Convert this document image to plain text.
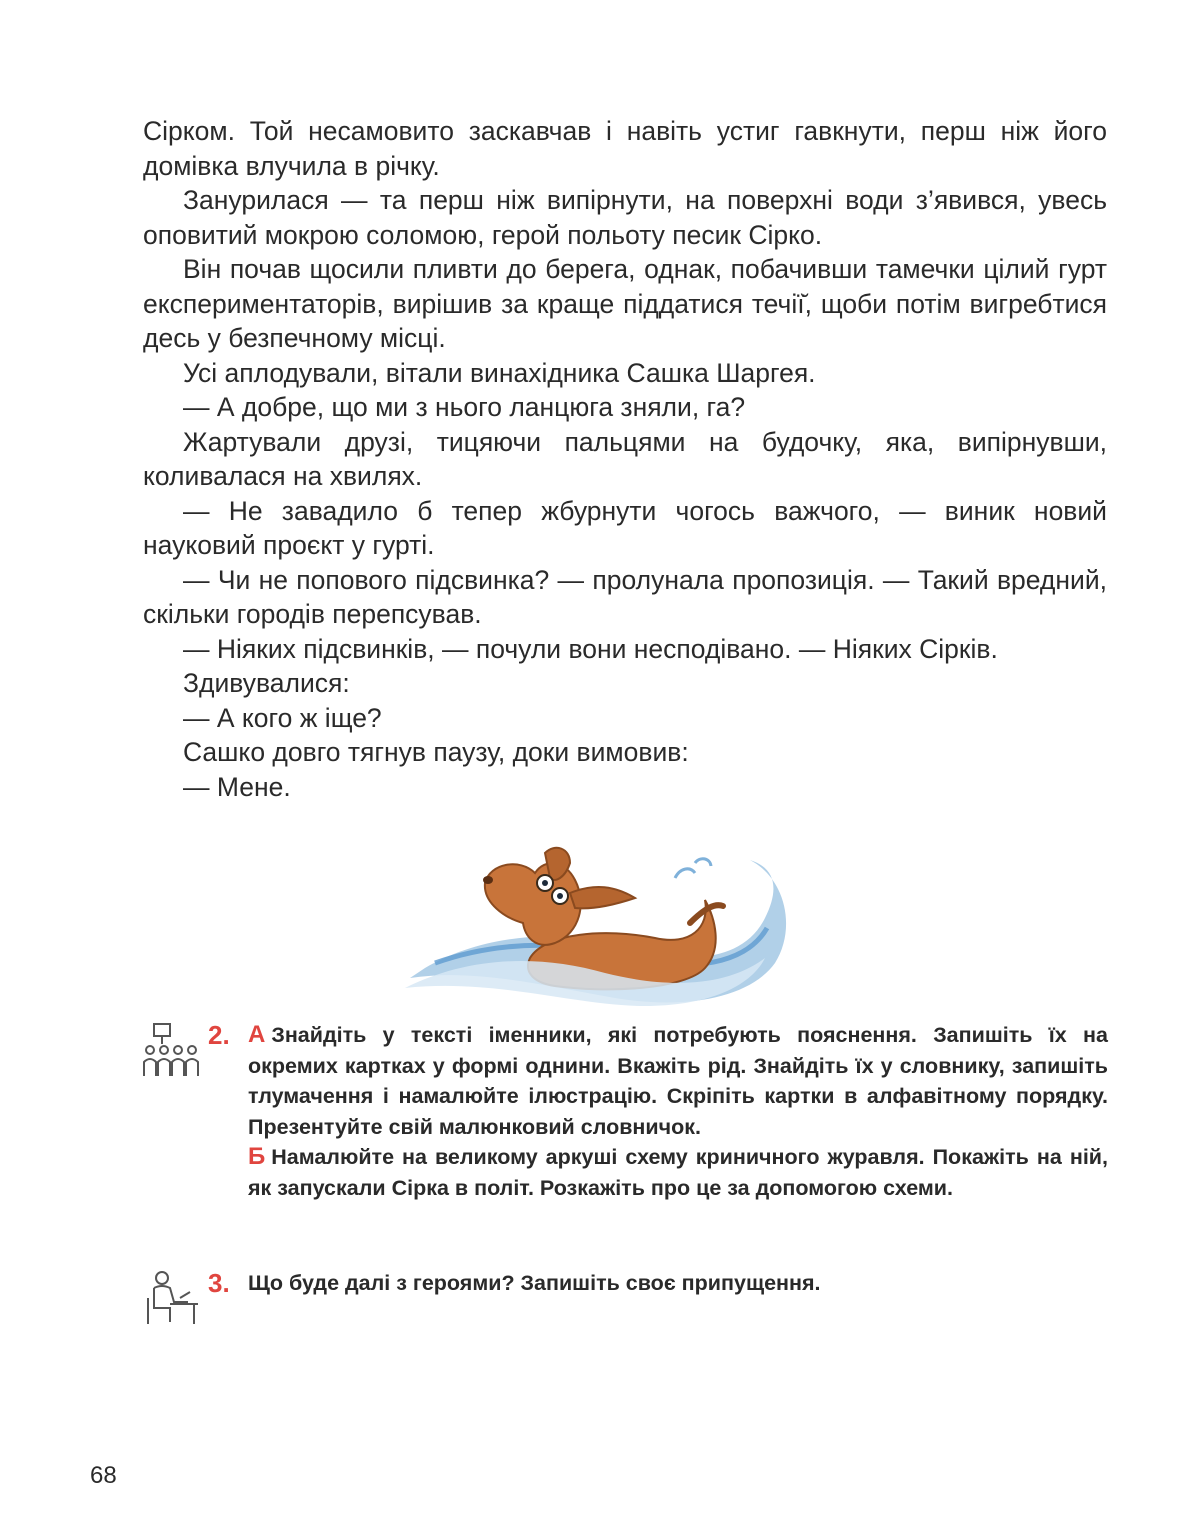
Сірком. Той несамовито заскавчав і навіть устиг гавкнути, перш ніж його домівка влучила в річку.

Занурилася — та перш ніж випірнути, на поверхні води з’явився, увесь оповитий мокрою соломою, герой польоту песик Сірко.

Він почав щосили пливти до берега, однак, побачивши тамечки цілий гурт експериментаторів, вирішив за краще піддатися течії̆, щоби потім вигребтися десь у безпечному місці.

Усі аплодували, вітали винахідника Сашка Шаргея.

— А добре, що ми з нього ланцюга зняли, га?

Жартували друзі, тицяючи пальцями на будочку, яка, випірнувши, коливалася на хвилях.

— Не завадило б тепер жбурнути чогось важчого, — виник новий науковий проєкт у гурті.

— Чи не попового підсвинка? — пролунала пропозиція. — Такий вредний, скільки городів перепсував.

— Ніяких підсвинків, — почули вони несподівано. — Ніяких Сірків.

Здивувалися:

— А кого ж іще?

Сашко довго тягнув паузу, доки вимовив:

— Мене.

2. А Знайдіть у тексті іменники, які потребують пояснення. Запишіть їх на окремих картках у формі однини. Вкажіть рід. Знайдіть їх у словнику, запишіть тлумачення і намалюйте ілюстрацію. Скріпіть картки в алфавітному порядку. Презентуйте свій малюнковий словничок.

Б Намалюйте на великому аркуші схему криничного журавля. Покажіть на ній, як запускали Сірка в політ. Розкажіть про це за допомогою схеми.

3. Що буде далі з героями? Запишіть своє припущення.

68
